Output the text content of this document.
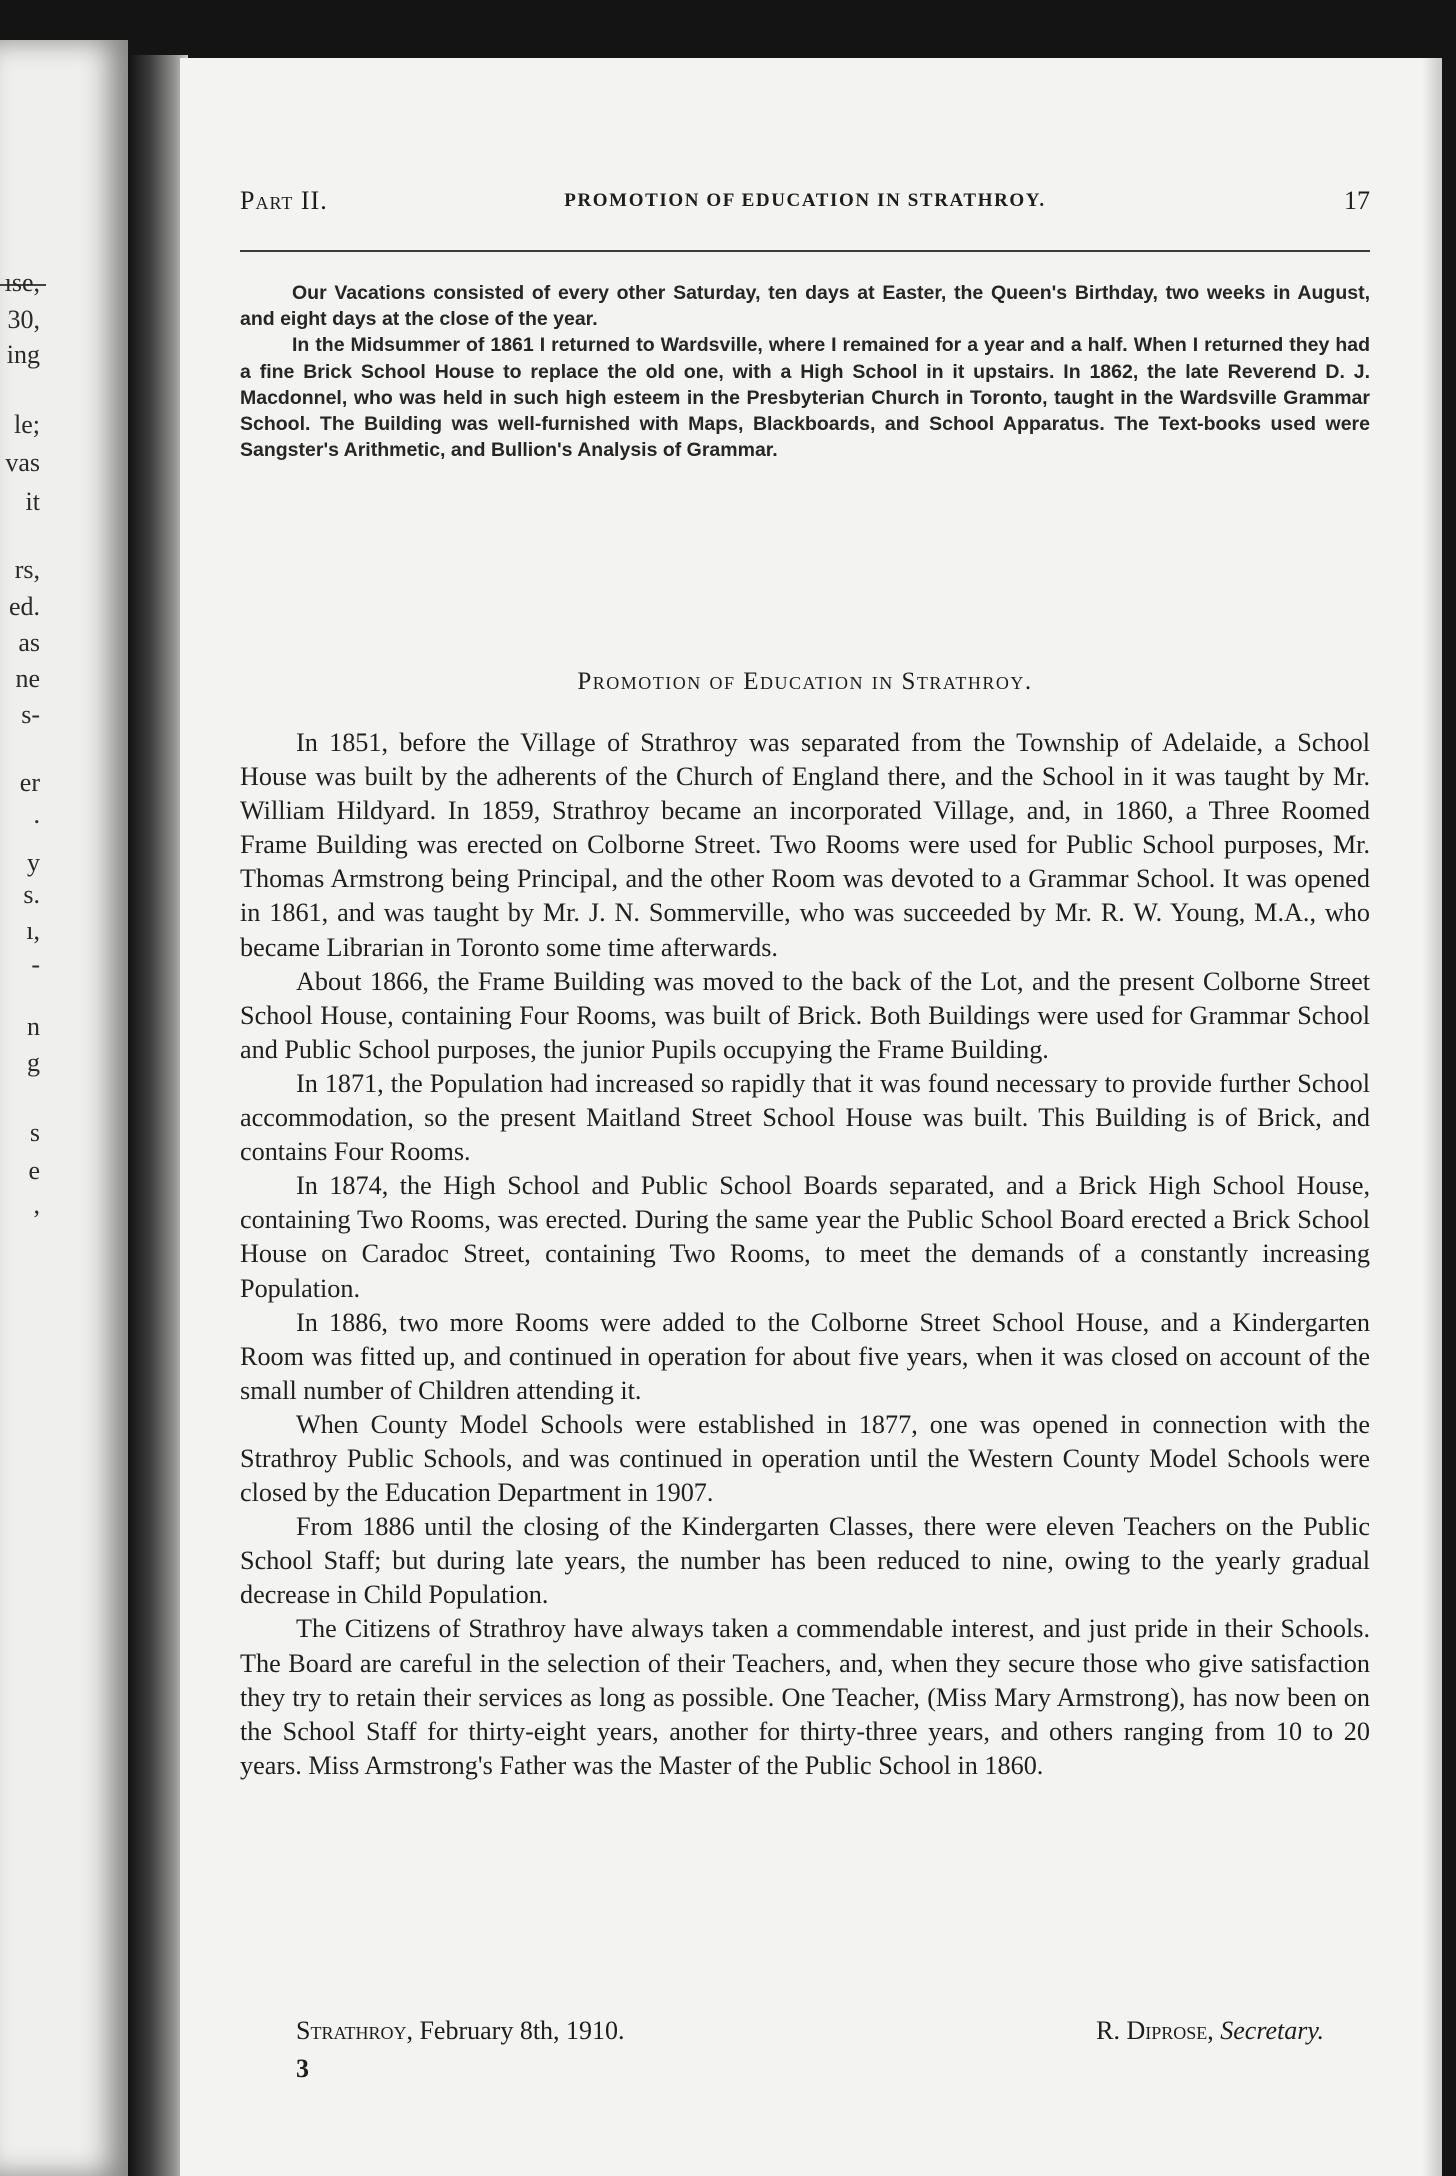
ıse,
30,
ing
le;
vas
it
rs,
ed.
as
ne
s-
er
.
y
s.
ı,
-
n
g
s
e
,
Part II.	PROMOTION OF EDUCATION IN STRATHROY.	17

Our Vacations consisted of every other Saturday, ten days at Easter, the Queen's Birthday, two weeks in August, and eight days at the close of the year.

In the Midsummer of 1861 I returned to Wardsville, where I remained for a year and a half. When I returned they had a fine Brick School House to replace the old one, with a High School in it upstairs. In 1862, the late Reverend D. J. Macdonnel, who was held in such high esteem in the Presbyterian Church in Toronto, taught in the Wardsville Grammar School. The Building was well-furnished with Maps, Blackboards, and School Apparatus. The Text-books used were Sangster's Arithmetic, and Bullion's Analysis of Grammar.

Promotion of Education in Strathroy.

In 1851, before the Village of Strathroy was separated from the Township of Adelaide, a School House was built by the adherents of the Church of England there, and the School in it was taught by Mr. William Hildyard. In 1859, Strathroy became an incorporated Village, and, in 1860, a Three Roomed Frame Building was erected on Colborne Street. Two Rooms were used for Public School purposes, Mr. Thomas Armstrong being Principal, and the other Room was devoted to a Grammar School. It was opened in 1861, and was taught by Mr. J. N. Sommerville, who was succeeded by Mr. R. W. Young, M.A., who became Librarian in Toronto some time afterwards.

About 1866, the Frame Building was moved to the back of the Lot, and the present Colborne Street School House, containing Four Rooms, was built of Brick. Both Buildings were used for Grammar School and Public School purposes, the junior Pupils occupying the Frame Building.

In 1871, the Population had increased so rapidly that it was found necessary to provide further School accommodation, so the present Maitland Street School House was built. This Building is of Brick, and contains Four Rooms.

In 1874, the High School and Public School Boards separated, and a Brick High School House, containing Two Rooms, was erected. During the same year the Public School Board erected a Brick School House on Caradoc Street, containing Two Rooms, to meet the demands of a constantly increasing Population.

In 1886, two more Rooms were added to the Colborne Street School House, and a Kindergarten Room was fitted up, and continued in operation for about five years, when it was closed on account of the small number of Children attending it.

When County Model Schools were established in 1877, one was opened in connection with the Strathroy Public Schools, and was continued in operation until the Western County Model Schools were closed by the Education Department in 1907.

From 1886 until the closing of the Kindergarten Classes, there were eleven Teachers on the Public School Staff; but during late years, the number has been reduced to nine, owing to the yearly gradual decrease in Child Population.

The Citizens of Strathroy have always taken a commendable interest, and just pride in their Schools. The Board are careful in the selection of their Teachers, and, when they secure those who give satisfaction they try to retain their services as long as possible. One Teacher, (Miss Mary Armstrong), has now been on the School Staff for thirty-eight years, another for thirty-three years, and others ranging from 10 to 20 years. Miss Armstrong's Father was the Master of the Public School in 1860.

Strathroy, February 8th, 1910.	R. Diprose, Secretary.
3
